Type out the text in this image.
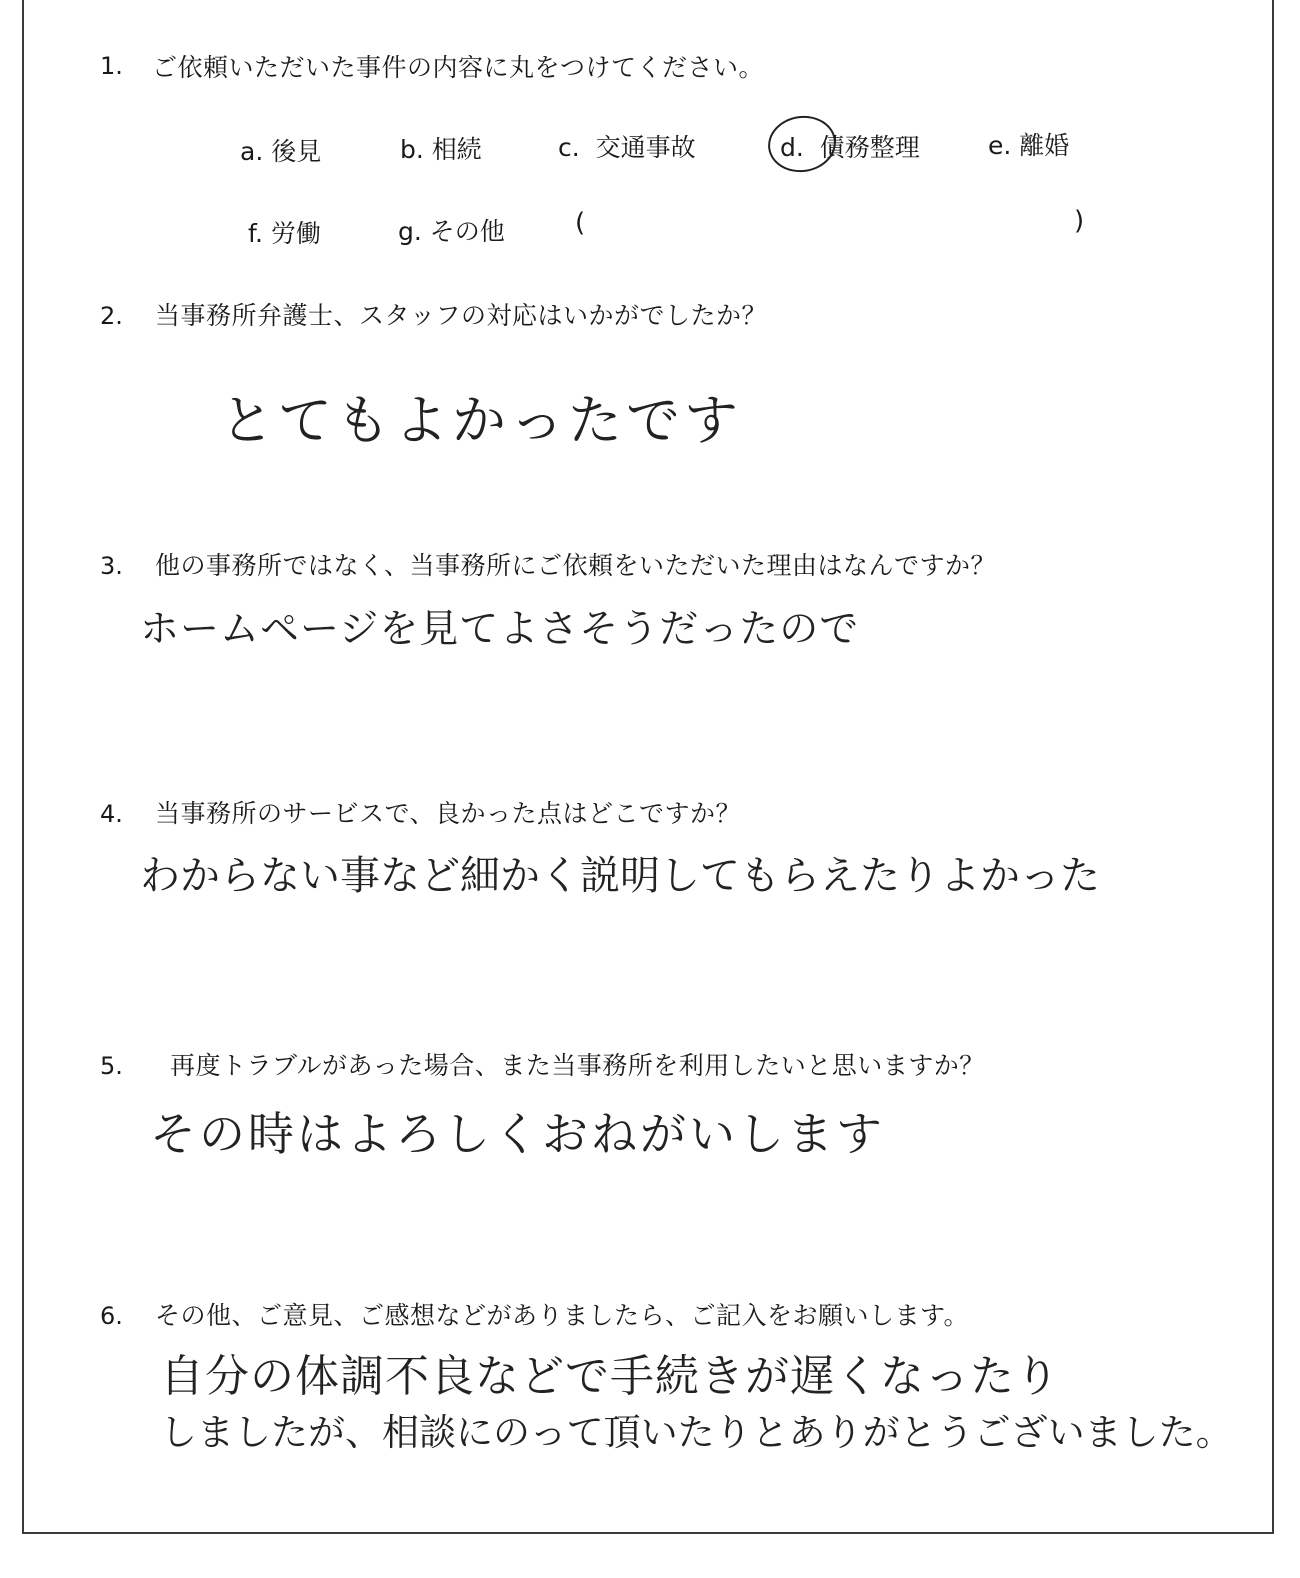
1. ご依頼いただいた事件の内容に丸をつけてください。
a. 後見	b. 相続	c. 交通事故	d. 債務整理	e. 離婚
f. 労働	g. その他	(	)
2. 当事務所弁護士、スタッフの対応はいかがでしたか？
とてもよかったです
3. 他の事務所ではなく、当事務所にご依頼をいただいた理由はなんですか？
ホームページを見てよさそうだったので
4. 当事務所のサービスで、良かった点はどこですか？
わからない事など細かく説明してもらえたりよかった
5. 再度トラブルがあった場合、また当事務所を利用したいと思いますか？
その時はよろしくおねがいします
6. その他、ご意見、ご感想などがありましたら、ご記入をお願いします。
自分の体調不良などで手続きが遅くなったり
しましたが、相談にのって頂いたりとありがとうございました。
